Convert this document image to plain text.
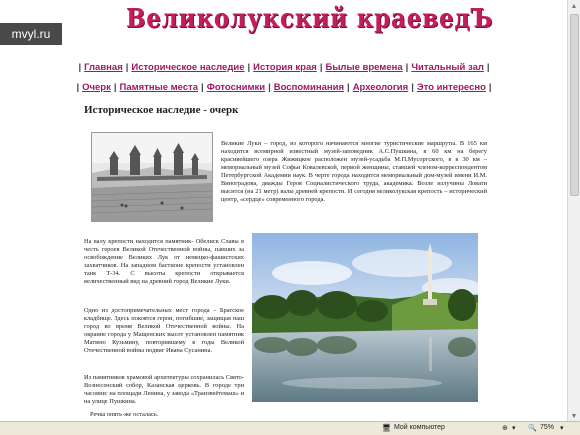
Великолукский краеведЪ
| Главная | Историческое наследие | История края | Былые времена | Читальный зал |
| Очерк | Памятные места | Фотоснимки | Воспоминания | Археология | Это интересно |
Историческое наследие - очерк
Великие Луки – город, из которого начинаются многие туристические маршруты. В 165 км находится всемирной известный музей-заповедник А.С.Пушкина, в 60 км на берегу красивейшего озера Жижицкое расположен музей-усадьба М.П.Мусоргского, в в 30 км – мемориальный музей Софьи Ковалевской, первой женщины, ставшей членом-корреспондентом Петербургской Академии наук. В черте города находится мемориальный дом-музей имени И.М. Виноградова, дважды Героя Социалистического труда, академика. Возле излучины Ловати высится (на 21 метр) валы древней крепости. И сегодня великолукская крепость – исторический центр, «сердце» современного города.
На валу крепости находится памятник- Обелиск Славы в честь героев Великой Отечественной войны, павших за освобождение Великих Лук от немецко-фашистских захватчиков. На западном бастионе крепости установлен танк Т-34. С высоты крепости открывается величественный вид на древний город Великие Луки.
Одно из достопримечательных мест города – Братское кладбище. Здесь покоятся герои, погибшие, защищая наш город во время Великой Отечественной войны. На окраине города у Мащенских высот установлен памятник Матвею Кузьмину, повторившему в годы Великой Отечественной войны подвиг Ивана Сусанина.
Из памятников храмовой архитектуры сохранилась Свято-Вознесенский собор, Казанская церковь. В городе три часовни: на площади Ленина, у завода «Транзвеётемаш» и на улице Пушкина.
Речка опять-же осталась.
▲
▼
mvyl.ru
🖥 Мой компьютер	⊕ ▾ 🔍 75% ▾
